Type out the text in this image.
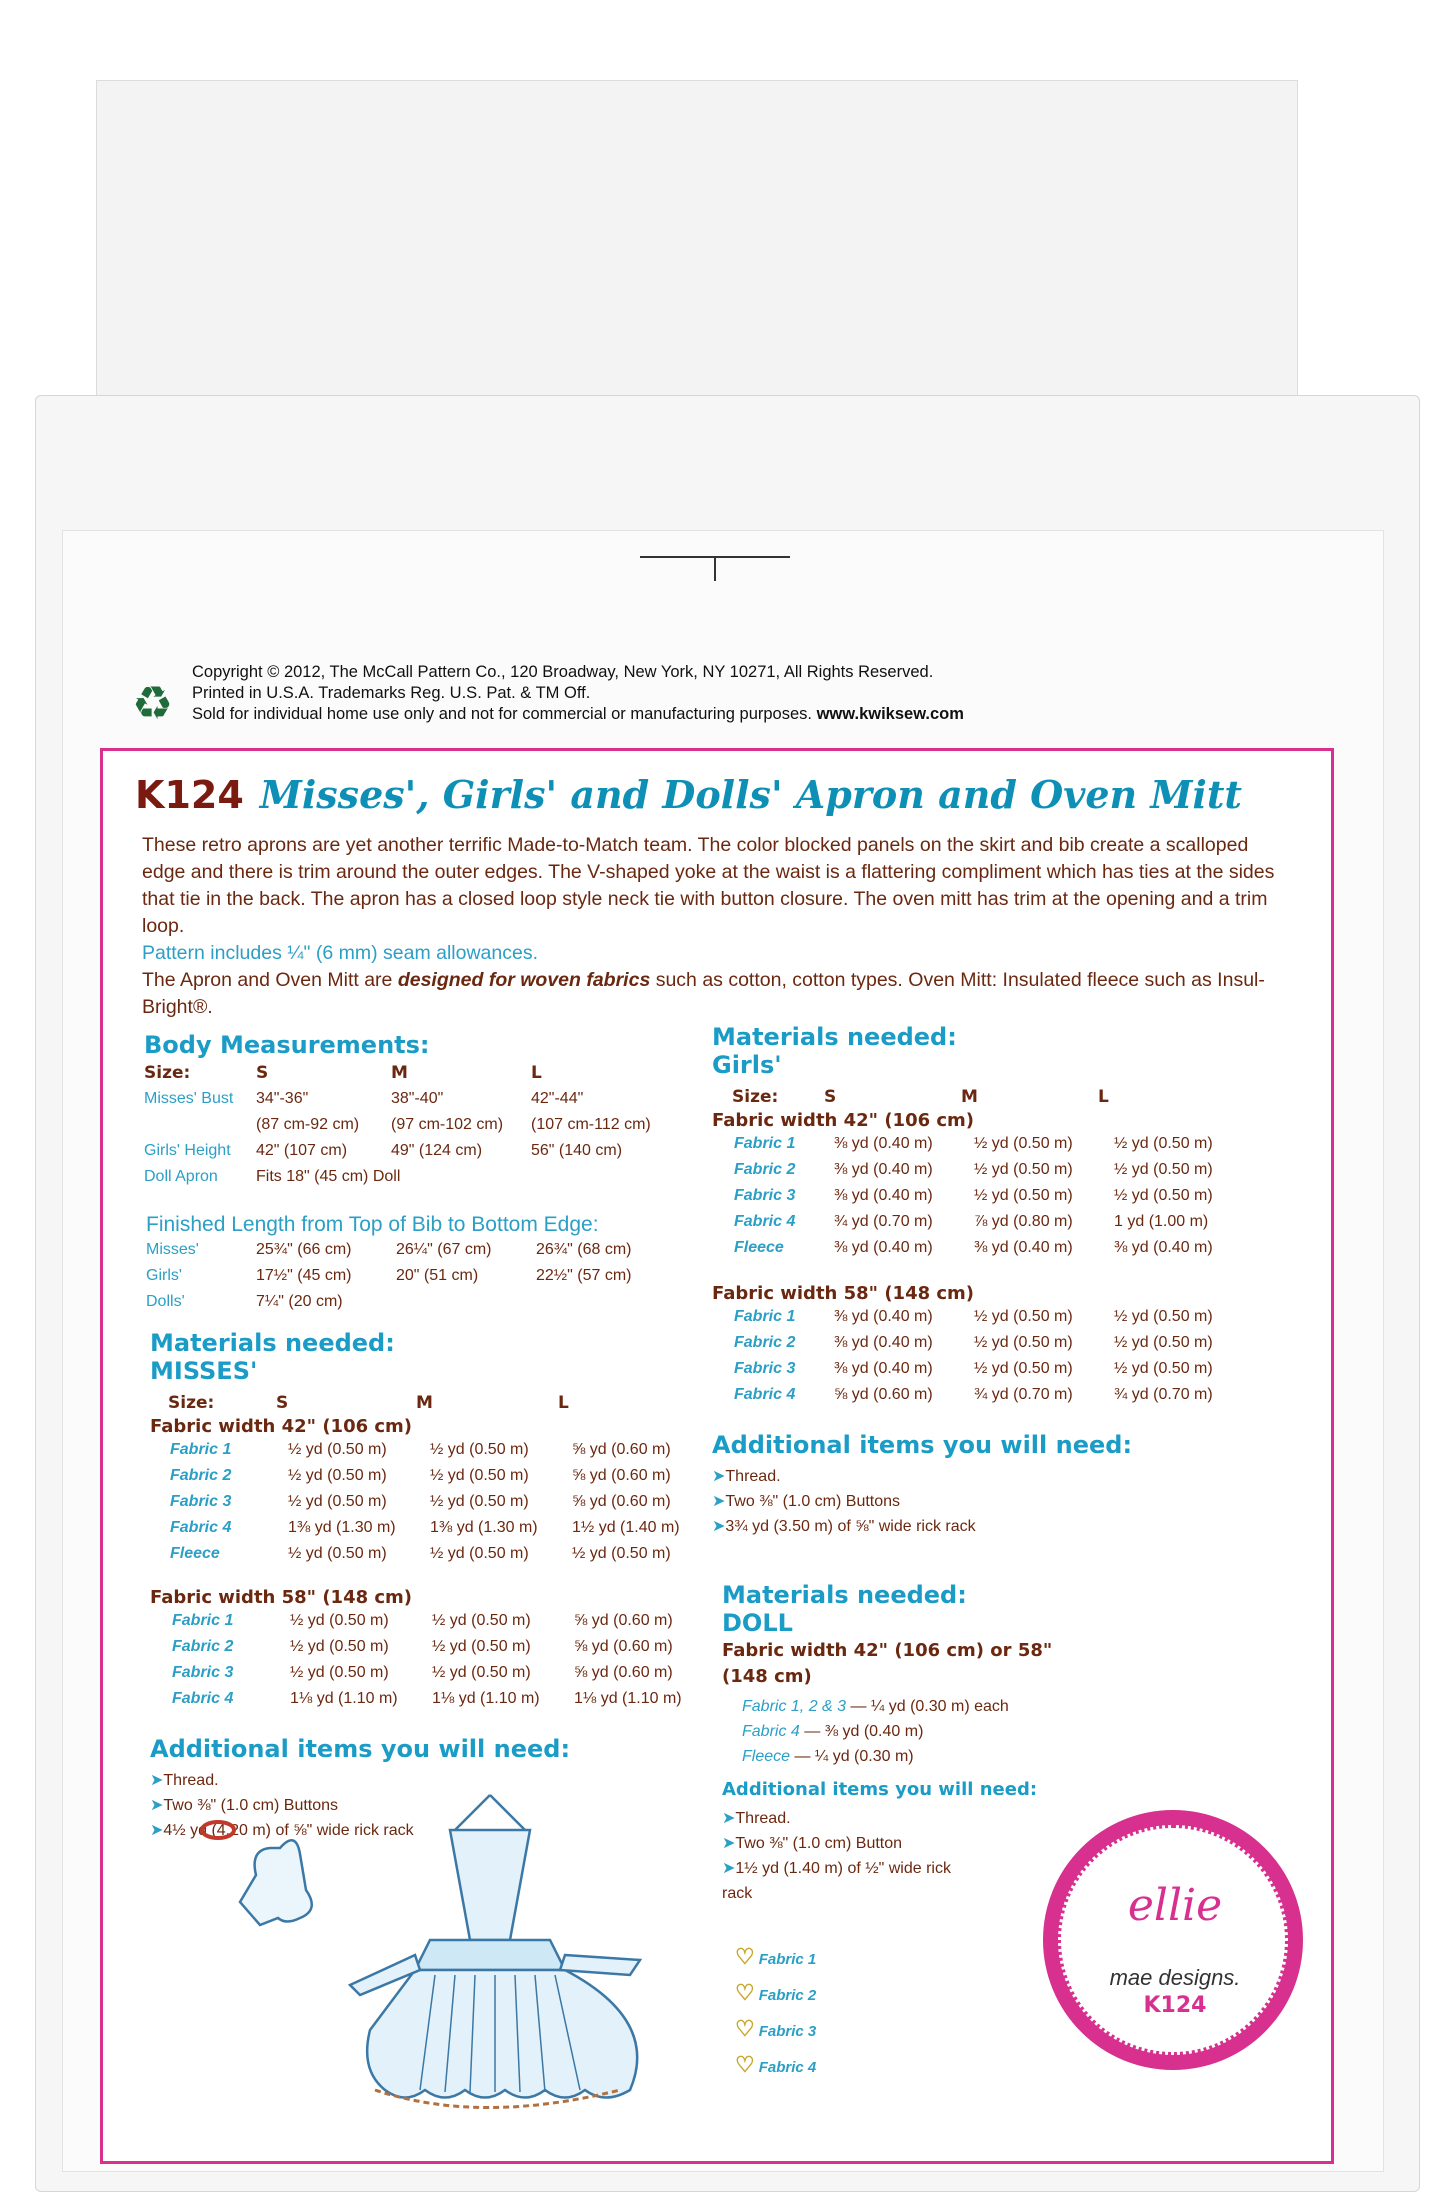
♻
Copyright © 2012, The McCall Pattern Co., 120 Broadway, New York, NY 10271, All Rights Reserved.
Printed in U.S.A. Trademarks Reg. U.S. Pat. & TM Off.
Sold for individual home use only and not for commercial or manufacturing purposes. www.kwiksew.com
K124 Misses', Girls' and Dolls' Apron and Oven Mitt
These retro aprons are yet another terrific Made-to-Match team. The color blocked panels on the skirt and bib create a scalloped edge and there is trim around the outer edges. The V-shaped yoke at the waist is a flattering compliment which has ties at the sides that tie in the back. The apron has a closed loop style neck tie with button closure. The oven mitt has trim at the opening and a trim loop.
Pattern includes ¼" (6 mm) seam allowances.
The Apron and Oven Mitt are designed for woven fabrics such as cotton, cotton types. Oven Mitt: Insulated fleece such as Insul-Bright®.
Body Measurements:
Size:	S	M	L
Misses' Bust	34"-36"	38"-40"	42"-44"
	(87 cm-92 cm)	(97 cm-102 cm)	(107 cm-112 cm)
Girls' Height	42" (107 cm)	49" (124 cm)	56" (140 cm)
Doll Apron	Fits 18" (45 cm) Doll		
Finished Length from Top of Bib to Bottom Edge:
Misses'	25¾" (66 cm)	26¼" (67 cm)	26¾" (68 cm)
Girls'	17½" (45 cm)	20" (51 cm)	22½" (57 cm)
Dolls'	7¼" (20 cm)		
Materials needed:
MISSES'
Size:	S	M	L
Fabric width 42" (106 cm)
Fabric 1	½ yd (0.50 m)	½ yd (0.50 m)	⅝ yd (0.60 m)
Fabric 2	½ yd (0.50 m)	½ yd (0.50 m)	⅝ yd (0.60 m)
Fabric 3	½ yd (0.50 m)	½ yd (0.50 m)	⅝ yd (0.60 m)
Fabric 4	1⅜ yd (1.30 m)	1⅜ yd (1.30 m)	1½ yd (1.40 m)
Fleece	½ yd (0.50 m)	½ yd (0.50 m)	½ yd (0.50 m)
Fabric width 58" (148 cm)
Fabric 1	½ yd (0.50 m)	½ yd (0.50 m)	⅝ yd (0.60 m)
Fabric 2	½ yd (0.50 m)	½ yd (0.50 m)	⅝ yd (0.60 m)
Fabric 3	½ yd (0.50 m)	½ yd (0.50 m)	⅝ yd (0.60 m)
Fabric 4	1⅛ yd (1.10 m)	1⅛ yd (1.10 m)	1⅛ yd (1.10 m)
Additional items you will need:
➤Thread.
➤Two ⅜" (1.0 cm) Buttons
➤4½ yd (4.20 m) of ⅝" wide rick rack
Materials needed:
Girls'
Size:	S	M	L
Fabric width 42" (106 cm)
Fabric 1	⅜ yd (0.40 m)	½ yd (0.50 m)	½ yd (0.50 m)
Fabric 2	⅜ yd (0.40 m)	½ yd (0.50 m)	½ yd (0.50 m)
Fabric 3	⅜ yd (0.40 m)	½ yd (0.50 m)	½ yd (0.50 m)
Fabric 4	¾ yd (0.70 m)	⅞ yd (0.80 m)	1 yd (1.00 m)
Fleece	⅜ yd (0.40 m)	⅜ yd (0.40 m)	⅜ yd (0.40 m)
Fabric width 58" (148 cm)
Fabric 1	⅜ yd (0.40 m)	½ yd (0.50 m)	½ yd (0.50 m)
Fabric 2	⅜ yd (0.40 m)	½ yd (0.50 m)	½ yd (0.50 m)
Fabric 3	⅜ yd (0.40 m)	½ yd (0.50 m)	½ yd (0.50 m)
Fabric 4	⅝ yd (0.60 m)	¾ yd (0.70 m)	¾ yd (0.70 m)
Additional items you will need:
➤Thread.
➤Two ⅜" (1.0 cm) Buttons
➤3¾ yd (3.50 m) of ⅝" wide rick rack
Materials needed:
DOLL
Fabric width 42" (106 cm) or 58" (148 cm)
Fabric 1, 2 & 3 — ¼ yd (0.30 m) each
Fabric 4 — ⅜ yd (0.40 m)
Fleece — ¼ yd (0.30 m)
Additional items you will need:
➤Thread.
➤Two ⅜" (1.0 cm) Button
➤1½ yd (1.40 m) of ½" wide rick rack
♡ Fabric 1
♡ Fabric 2
♡ Fabric 3
♡ Fabric 4
ellie
mae designs.
K124
